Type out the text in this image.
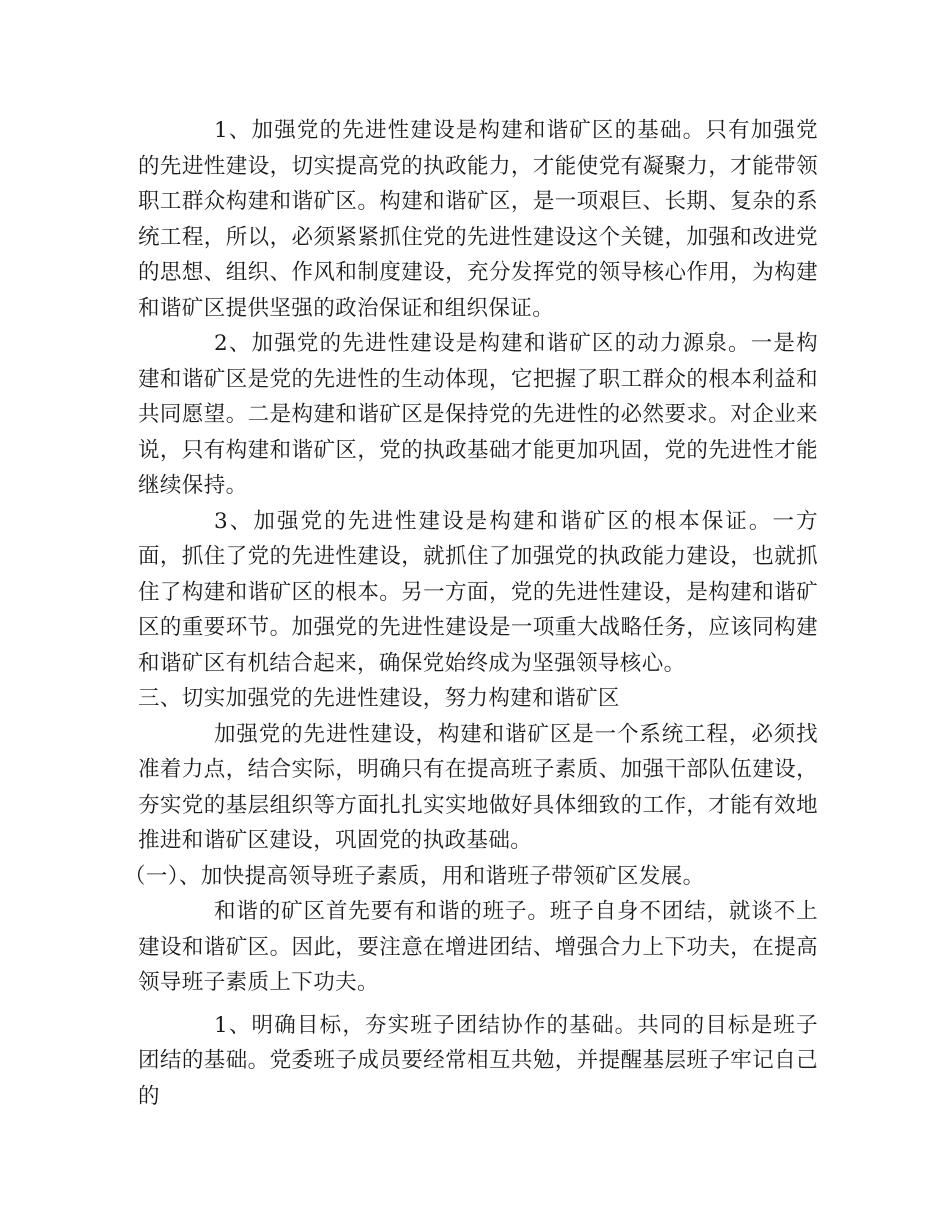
1、加强党的先进性建设是构建和谐矿区的基础。只有加强党的先进性建设，切实提高党的执政能力，才能使党有凝聚力，才能带领职工群众构建和谐矿区。构建和谐矿区，是一项艰巨、长期、复杂的系统工程，所以，必须紧紧抓住党的先进性建设这个关键，加强和改进党的思想、组织、作风和制度建设，充分发挥党的领导核心作用，为构建和谐矿区提供坚强的政治保证和组织保证。

2、加强党的先进性建设是构建和谐矿区的动力源泉。一是构建和谐矿区是党的先进性的生动体现，它把握了职工群众的根本利益和共同愿望。二是构建和谐矿区是保持党的先进性的必然要求。对企业来说，只有构建和谐矿区，党的执政基础才能更加巩固，党的先进性才能继续保持。

3、加强党的先进性建设是构建和谐矿区的根本保证。一方面，抓住了党的先进性建设，就抓住了加强党的执政能力建设，也就抓住了构建和谐矿区的根本。另一方面，党的先进性建设，是构建和谐矿区的重要环节。加强党的先进性建设是一项重大战略任务，应该同构建和谐矿区有机结合起来，确保党始终成为坚强领导核心。

三、切实加强党的先进性建设，努力构建和谐矿区

加强党的先进性建设，构建和谐矿区是一个系统工程，必须找准着力点，结合实际，明确只有在提高班子素质、加强干部队伍建设，夯实党的基层组织等方面扎扎实实地做好具体细致的工作，才能有效地推进和谐矿区建设，巩固党的执政基础。

（一）、加快提高领导班子素质，用和谐班子带领矿区发展。

和谐的矿区首先要有和谐的班子。班子自身不团结，就谈不上建设和谐矿区。因此，要注意在增进团结、增强合力上下功夫，在提高领导班子素质上下功夫。

1、明确目标，夯实班子团结协作的基础。共同的目标是班子团结的基础。党委班子成员要经常相互共勉，并提醒基层班子牢记自己的
